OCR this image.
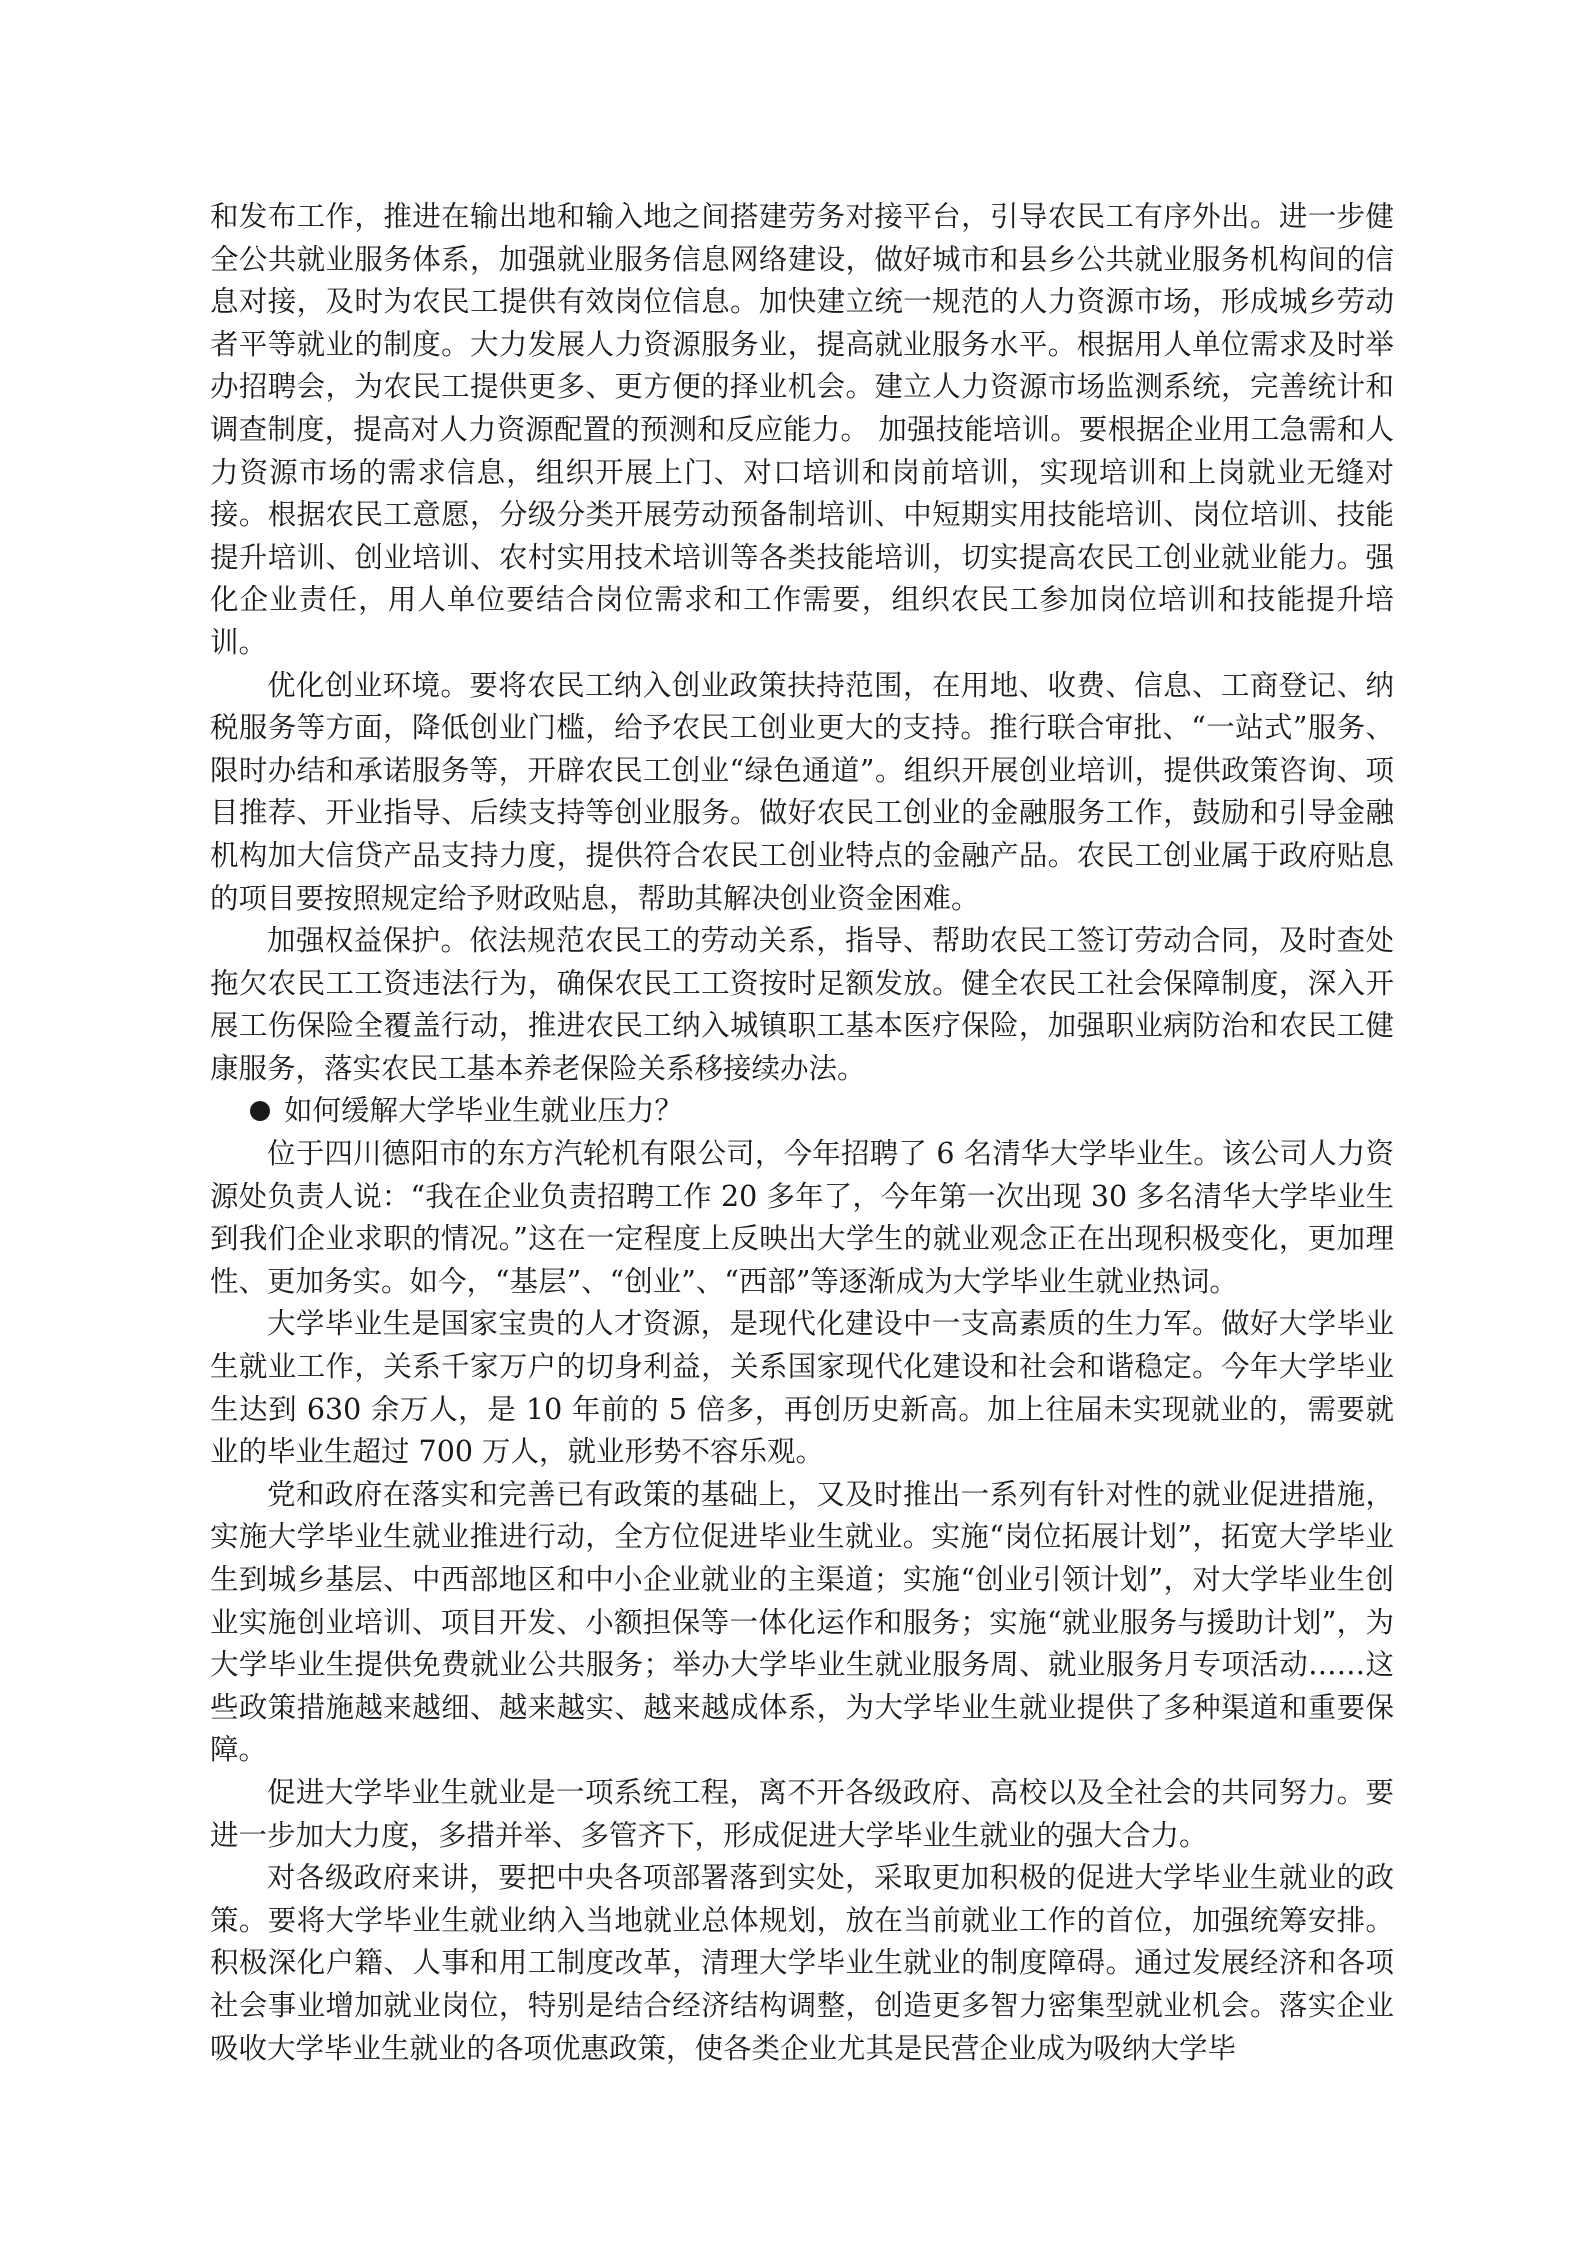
和发布工作，推进在输出地和输入地之间搭建劳务对接平台，引导农民工有序外出。进一步健全公共就业服务体系，加强就业服务信息网络建设，做好城市和县乡公共就业服务机构间的信息对接，及时为农民工提供有效岗位信息。加快建立统一规范的人力资源市场，形成城乡劳动者平等就业的制度。大力发展人力资源服务业，提高就业服务水平。根据用人单位需求及时举办招聘会，为农民工提供更多、更方便的择业机会。建立人力资源市场监测系统，完善统计和调查制度，提高对人力资源配置的预测和反应能力。 加强技能培训。要根据企业用工急需和人力资源市场的需求信息，组织开展上门、对口培训和岗前培训，实现培训和上岗就业无缝对接。根据农民工意愿，分级分类开展劳动预备制培训、中短期实用技能培训、岗位培训、技能提升培训、创业培训、农村实用技术培训等各类技能培训，切实提高农民工创业就业能力。强化企业责任，用人单位要结合岗位需求和工作需要，组织农民工参加岗位培训和技能提升培训。

优化创业环境。要将农民工纳入创业政策扶持范围，在用地、收费、信息、工商登记、纳税服务等方面，降低创业门槛，给予农民工创业更大的支持。推行联合审批、“一站式”服务、限时办结和承诺服务等，开辟农民工创业“绿色通道”。组织开展创业培训，提供政策咨询、项目推荐、开业指导、后续支持等创业服务。做好农民工创业的金融服务工作，鼓励和引导金融机构加大信贷产品支持力度，提供符合农民工创业特点的金融产品。农民工创业属于政府贴息的项目要按照规定给予财政贴息，帮助其解决创业资金困难。

加强权益保护。依法规范农民工的劳动关系，指导、帮助农民工签订劳动合同，及时查处拖欠农民工工资违法行为，确保农民工工资按时足额发放。健全农民工社会保障制度，深入开展工伤保险全覆盖行动，推进农民工纳入城镇职工基本医疗保险，加强职业病防治和农民工健康服务，落实农民工基本养老保险关系移接续办法。

如何缓解大学毕业生就业压力？

位于四川德阳市的东方汽轮机有限公司，今年招聘了 6 名清华大学毕业生。该公司人力资源处负责人说：“我在企业负责招聘工作 20 多年了，今年第一次出现 30 多名清华大学毕业生到我们企业求职的情况。”这在一定程度上反映出大学生的就业观念正在出现积极变化，更加理性、更加务实。如今，“基层”、“创业”、“西部”等逐渐成为大学毕业生就业热词。

大学毕业生是国家宝贵的人才资源，是现代化建设中一支高素质的生力军。做好大学毕业生就业工作，关系千家万户的切身利益，关系国家现代化建设和社会和谐稳定。今年大学毕业生达到 630 余万人，是 10 年前的 5 倍多，再创历史新高。加上往届未实现就业的，需要就业的毕业生超过 700 万人，就业形势不容乐观。

党和政府在落实和完善已有政策的基础上，又及时推出一系列有针对性的就业促进措施，实施大学毕业生就业推进行动，全方位促进毕业生就业。实施“岗位拓展计划”，拓宽大学毕业生到城乡基层、中西部地区和中小企业就业的主渠道；实施“创业引领计划”，对大学毕业生创业实施创业培训、项目开发、小额担保等一体化运作和服务；实施“就业服务与援助计划”，为大学毕业生提供免费就业公共服务；举办大学毕业生就业服务周、就业服务月专项活动……这些政策措施越来越细、越来越实、越来越成体系，为大学毕业生就业提供了多种渠道和重要保障。

促进大学毕业生就业是一项系统工程，离不开各级政府、高校以及全社会的共同努力。要进一步加大力度，多措并举、多管齐下，形成促进大学毕业生就业的强大合力。

对各级政府来讲，要把中央各项部署落到实处，采取更加积极的促进大学毕业生就业的政策。要将大学毕业生就业纳入当地就业总体规划，放在当前就业工作的首位，加强统筹安排。积极深化户籍、人事和用工制度改革，清理大学毕业生就业的制度障碍。通过发展经济和各项社会事业增加就业岗位，特别是结合经济结构调整，创造更多智力密集型就业机会。落实企业吸收大学毕业生就业的各项优惠政策，使各类企业尤其是民营企业成为吸纳大学毕
